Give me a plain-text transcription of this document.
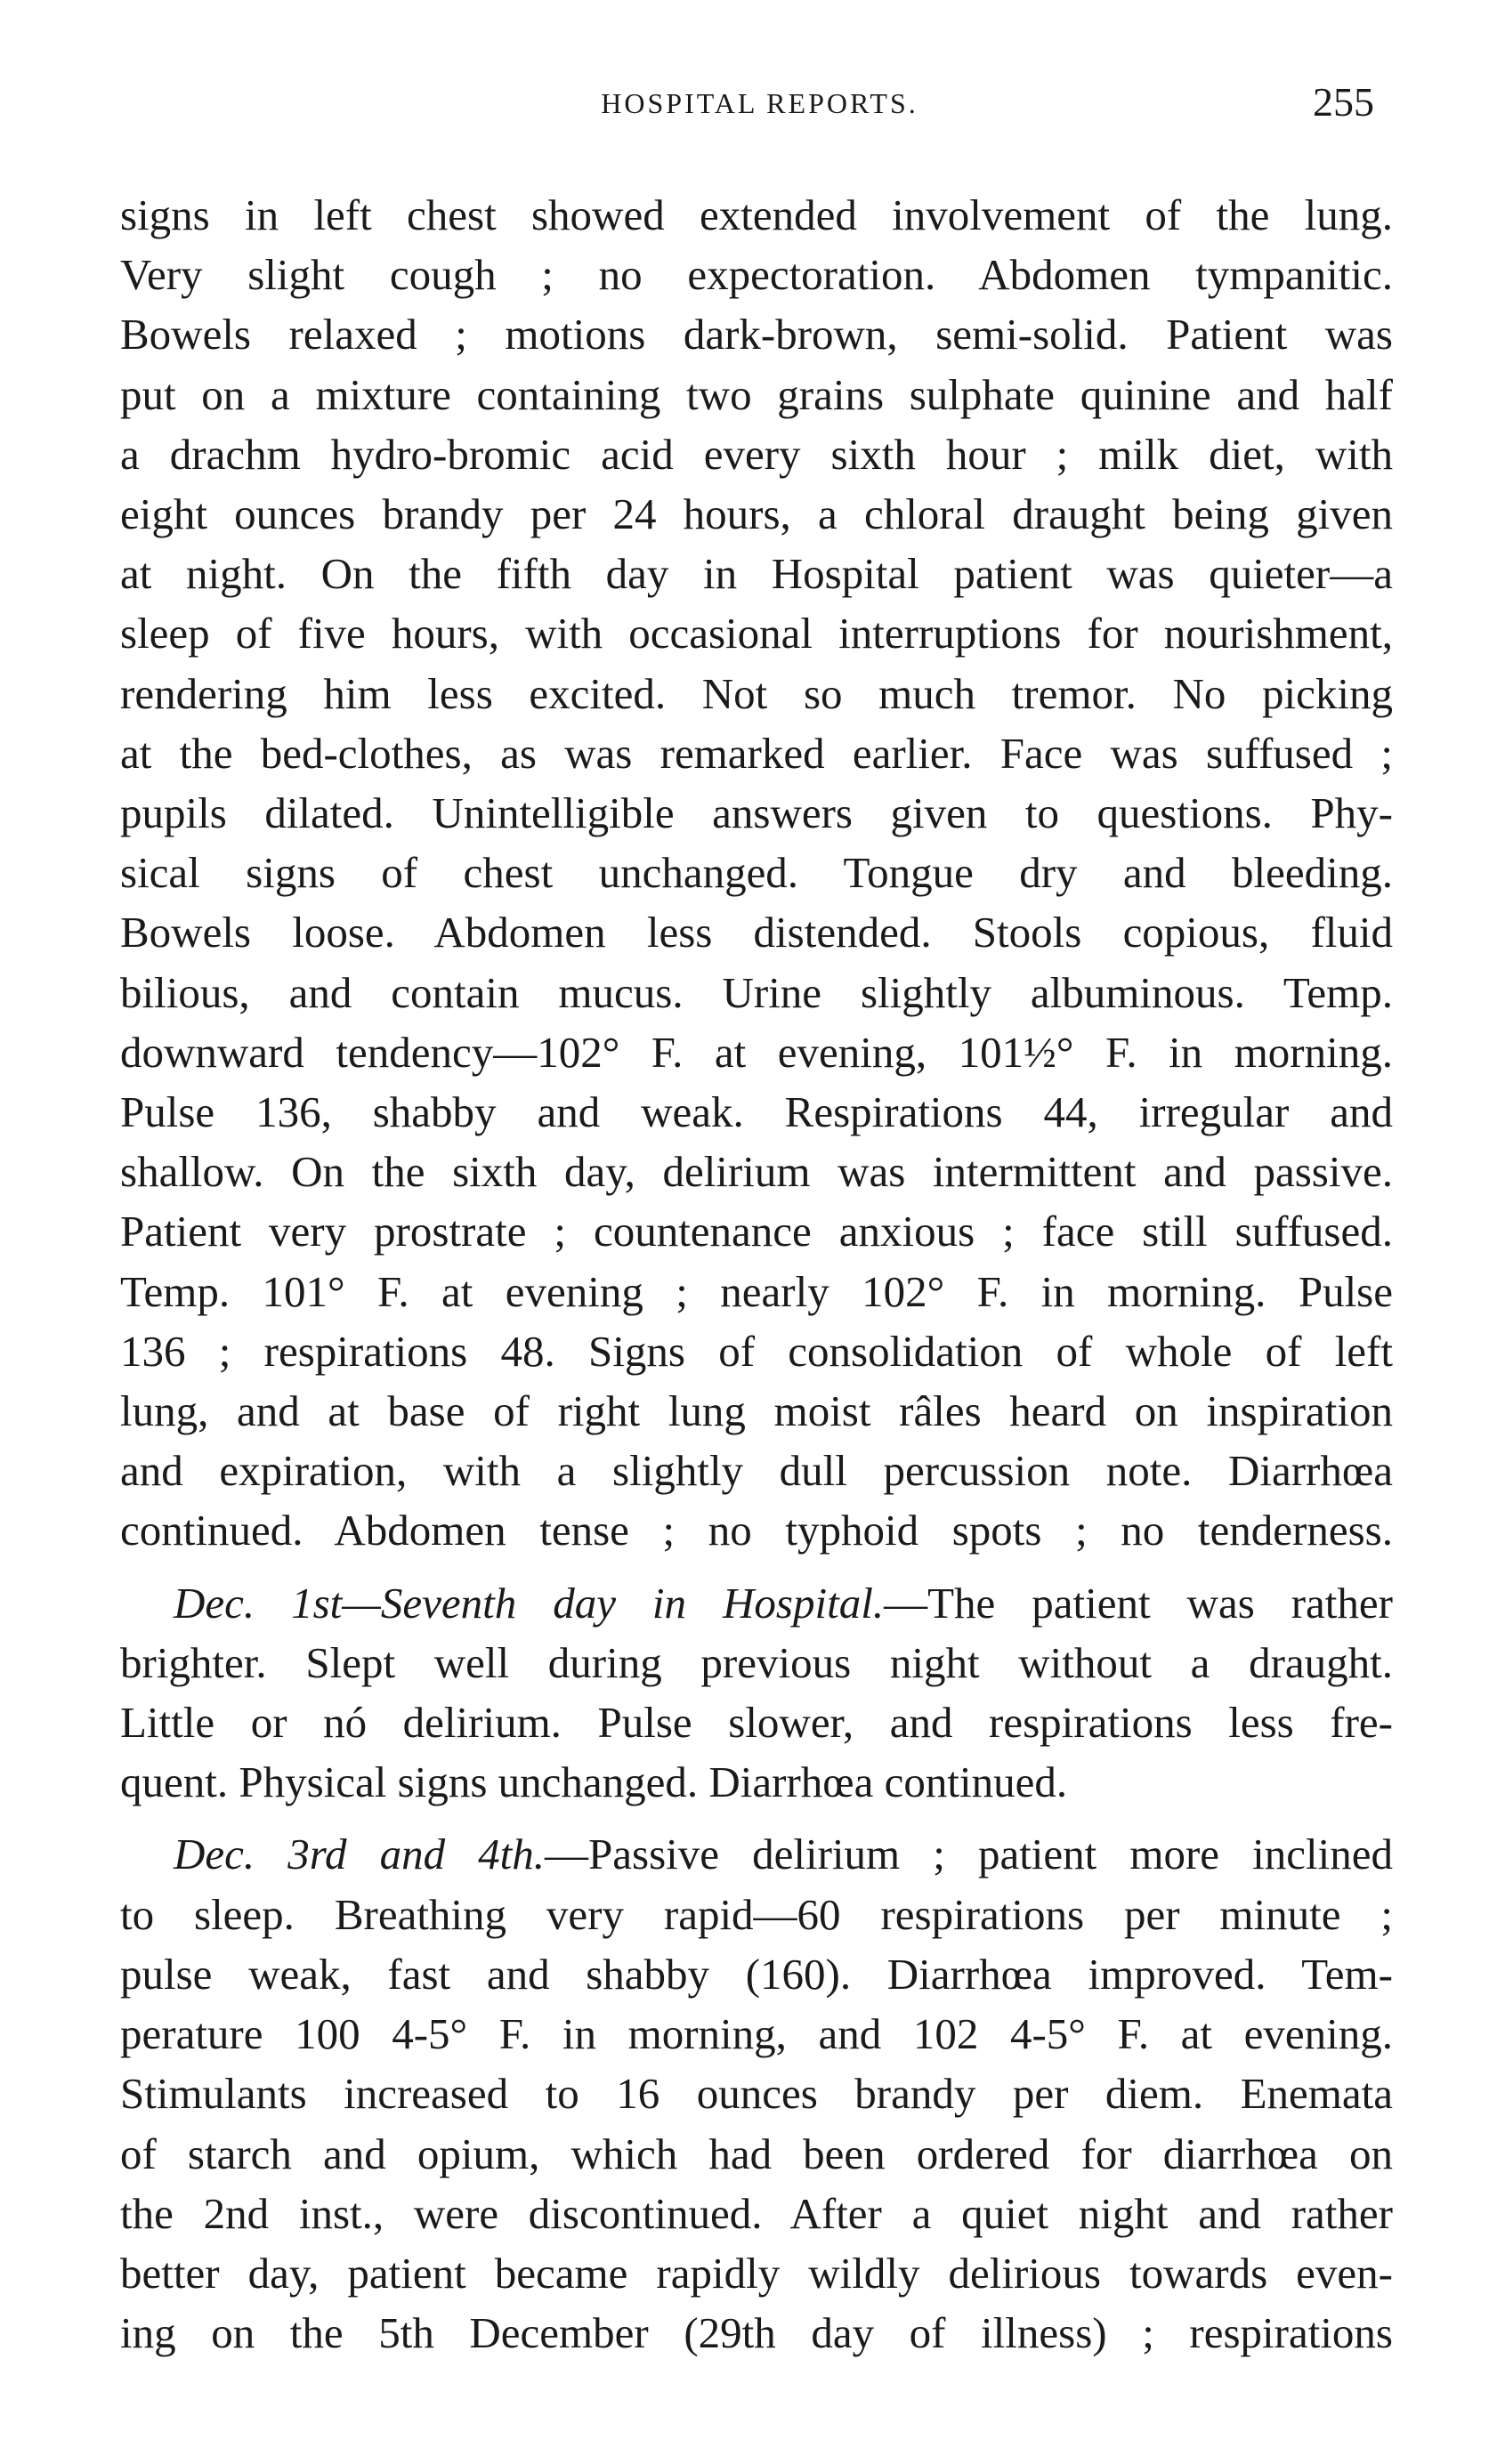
HOSPITAL REPORTS.	255
signs in left chest showed extended involvement of the lung.
Very slight cough ; no expectoration. Abdomen tympanitic.
Bowels relaxed ; motions dark-brown, semi-solid. Patient was
put on a mixture containing two grains sulphate quinine and half
a drachm hydro-bromic acid every sixth hour ; milk diet, with
eight ounces brandy per 24 hours, a chloral draught being given
at night. On the fifth day in Hospital patient was quieter—a
sleep of five hours, with occasional interruptions for nourishment,
rendering him less excited. Not so much tremor. No picking
at the bed-clothes, as was remarked earlier. Face was suffused ;
pupils dilated. Unintelligible answers given to questions. Phy-
sical signs of chest unchanged. Tongue dry and bleeding.
Bowels loose. Abdomen less distended. Stools copious, fluid
bilious, and contain mucus. Urine slightly albuminous. Temp.
downward tendency—102° F. at evening, 101½° F. in morning.
Pulse 136, shabby and weak. Respirations 44, irregular and
shallow. On the sixth day, delirium was intermittent and passive.
Patient very prostrate ; countenance anxious ; face still suffused.
Temp. 101° F. at evening ; nearly 102° F. in morning. Pulse
136 ; respirations 48. Signs of consolidation of whole of left
lung, and at base of right lung moist râles heard on inspiration
and expiration, with a slightly dull percussion note. Diarrhœa
continued. Abdomen tense ; no typhoid spots ; no tenderness.
Dec. 1st—Seventh day in Hospital.—The patient was rather
brighter. Slept well during previous night without a draught.
Little or nó delirium. Pulse slower, and respirations less fre-
quent. Physical signs unchanged. Diarrhœa continued.
Dec. 3rd and 4th.—Passive delirium ; patient more inclined
to sleep. Breathing very rapid—60 respirations per minute ;
pulse weak, fast and shabby (160). Diarrhœa improved. Tem-
perature 100 4-5° F. in morning, and 102 4-5° F. at evening.
Stimulants increased to 16 ounces brandy per diem. Enemata
of starch and opium, which had been ordered for diarrhœa on
the 2nd inst., were discontinued. After a quiet night and rather
better day, patient became rapidly wildly delirious towards even-
ing on the 5th December (29th day of illness) ; respirations
